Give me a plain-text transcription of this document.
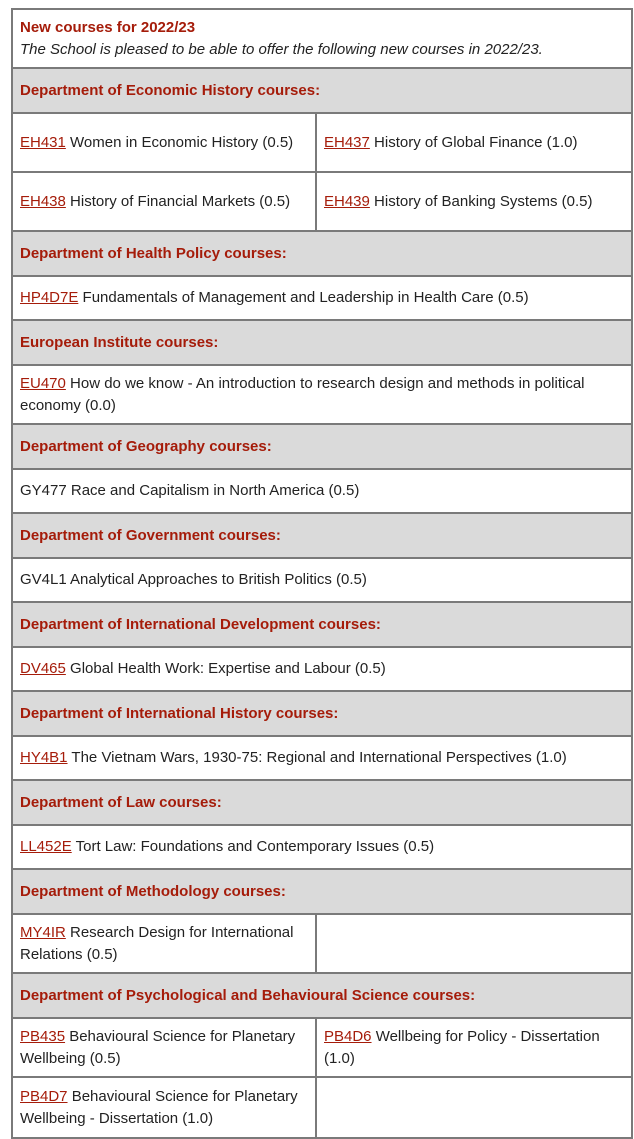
New courses for 2022/23
The School is pleased to be able to offer the following new courses in 2022/23.	

Department of Economic History courses:	
EH431 Women in Economic History (0.5)	EH437 History of Global Finance (1.0)
EH438 History of Financial Markets (0.5)	EH439 History of Banking Systems (0.5)
Department of Health Policy courses:	
HP4D7E Fundamentals of Management and Leadership in Health Care (0.5)	
European Institute courses:	
EU470 How do we know - An introduction to research design and methods in political economy (0.0)	
Department of Geography courses:	
GY477 Race and Capitalism in North America (0.5)	
Department of Government courses:	
GV4L1 Analytical Approaches to British Politics (0.5)	
Department of International Development courses:	
DV465 Global Health Work: Expertise and Labour (0.5)	
Department of International History courses:	
HY4B1 The Vietnam Wars, 1930-75: Regional and International Perspectives (1.0)	
Department of Law courses:	
LL452E Tort Law: Foundations and Contemporary Issues (0.5)	
Department of Methodology courses:	
MY4IR Research Design for International Relations (0.5)	
Department of Psychological and Behavioural Science courses:	
PB435 Behavioural Science for Planetary Wellbeing (0.5)	PB4D6 Wellbeing for Policy - Dissertation (1.0)
PB4D7 Behavioural Science for Planetary Wellbeing - Dissertation (1.0)	
